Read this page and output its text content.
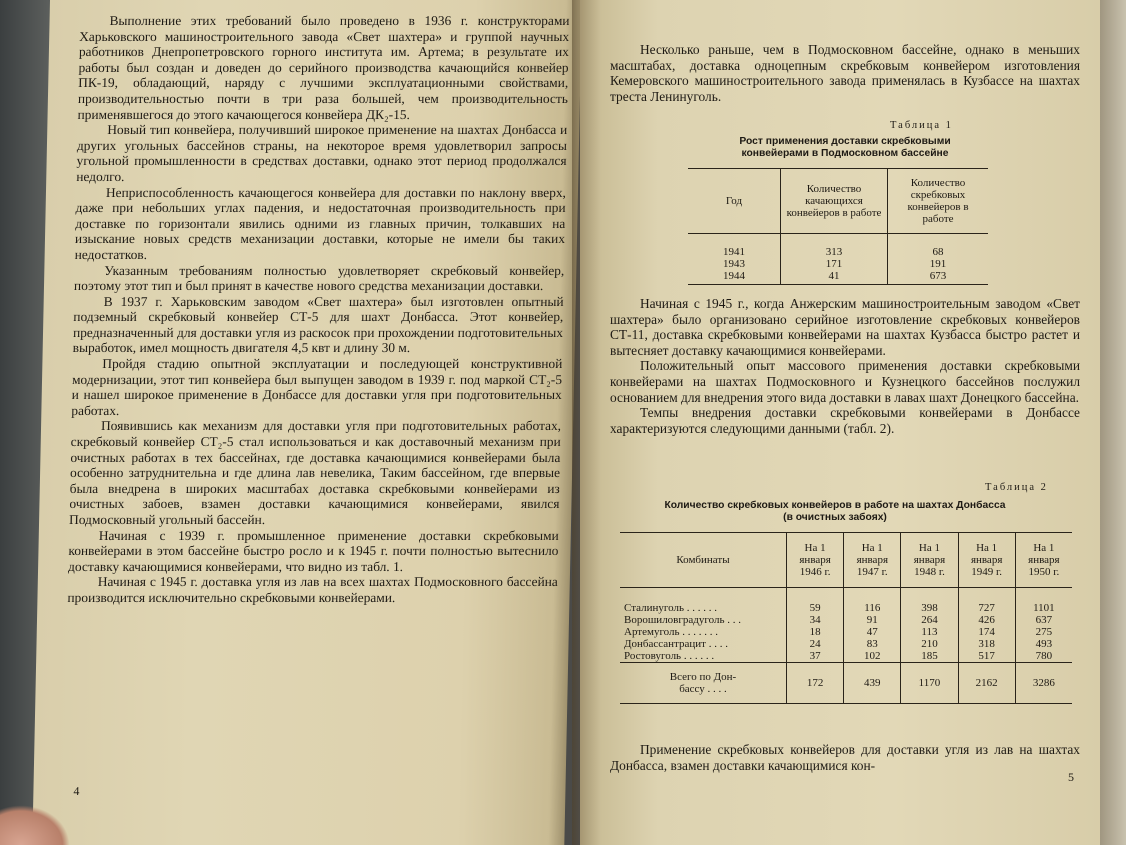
Выполнение этих требований было проведено в 1936 г. конструкторами Харьковского машиностроительного завода «Свет шахтера» и группой научных работников Днепропетровского горного института им. Артема; в результате их работы был создан и доведен до серийного производства качающийся конвейер ПК-19, обладающий, наряду с лучшими эксплуатационными свойствами, производительностью почти в три раза большей, чем производительность применявшегося до этого качающегося конвейера ДК₂-15.

Новый тип конвейера, получивший широкое применение на шахтах Донбасса и других угольных бассейнов страны, на некоторое время удовлетворил запросы угольной промышленности в средствах доставки, однако этот период продолжался недолго.

Неприспособленность качающегося конвейера для доставки по наклону вверх, даже при небольших углах падения, и недостаточная производительность при доставке по горизонтали явились одними из главных причин, толкавших на изыскание новых средств механизации доставки, которые не имели бы таких недостатков.

Указанным требованиям полностью удовлетворяет скребковый конвейер, поэтому этот тип и был принят в качестве нового средства механизации доставки.

В 1937 г. Харьковским заводом «Свет шахтера» был изготовлен опытный подземный скребковый конвейер СТ-5 для шахт Донбасса. Этот конвейер, предназначенный для доставки угля из раскосок при прохождении подготовительных выработок, имел мощность двигателя 4,5 квт и длину 30 м.

Пройдя стадию опытной эксплуатации и последующей конструктивной модернизации, этот тип конвейера был выпущен заводом в 1939 г. под маркой СТ₂-5 и нашел широкое применение в Донбассе для доставки угля при подготовительных работах.

Появившись как механизм для доставки угля при подготовительных работах, скребковый конвейер СТ₂-5 стал использоваться и как доставочный механизм при очистных работах в тех бассейнах, где доставка качающимися конвейерами была особенно затруднительна и где длина лав невелика, Таким бассейном, где впервые была внедрена в широких масштабах доставка скребковыми конвейерами из очистных забоев, взамен доставки качающимися конвейерами, явился Подмосковный угольный бассейн.

Начиная с 1939 г. промышленное применение доставки скребковыми конвейерами в этом бассейне быстро росло и к 1945 г. почти полностью вытеснило доставку качающимися конвейерами, что видно из табл. 1.

Начиная с 1945 г. доставка угля из лав на всех шахтах Подмосковного бассейна производится исключительно скребковыми конвейерами.

4

Несколько раньше, чем в Подмосковном бассейне, однако в меньших масштабах, доставка одноцепным скребковым конвейером изготовления Кемеровского машиностроительного завода применялась в Кузбассе на шахтах треста Ленинуголь.

Таблица 1
Рост применения доставки скребковыми конвейерами в Подмосковном бассейне
Год	Количество качающихся конвейеров в работе	Количество скребковых конвейеров в работе
1941	313	68
1943	171	191
1944	41	673

Начиная с 1945 г., когда Анжерским машиностроительным заводом «Свет шахтера» было организовано серийное изготовление скребковых конвейеров СТ-11, доставка скребковыми конвейерами на шахтах Кузбасса быстро растет и вытесняет доставку качающимися конвейерами.

Положительный опыт массового применения доставки скребковыми конвейерами на шахтах Подмосковного и Кузнецкого бассейнов послужил основанием для внедрения этого вида доставки в лавах шахт Донецкого бассейна.

Темпы внедрения доставки скребковыми конвейерами в Донбассе характеризуются следующими данными (табл. 2).

Таблица 2
Количество скребковых конвейеров в работе на шахтах Донбасса
(в очистных забоях)
Комбинаты	На 1 января 1946 г.	На 1 января 1947 г.	На 1 января 1948 г.	На 1 января 1949 г.	На 1 января 1950 г.
Сталинуголь . . . . . .	59	116	398	727	1101
Ворошиловградуголь . . .	34	91	264	426	637
Артемуголь . . . . . . .	18	47	113	174	275
Донбассантрацит . . . .	24	83	210	318	493
Ростовуголь . . . . . .	37	102	185	517	780

Всего по Дон-
бассу . . . .	172	439	1170	2162	3286

Применение скребковых конвейеров для доставки угля из лав на шахтах Донбасса, взамен доставки качающимися кон-

5
